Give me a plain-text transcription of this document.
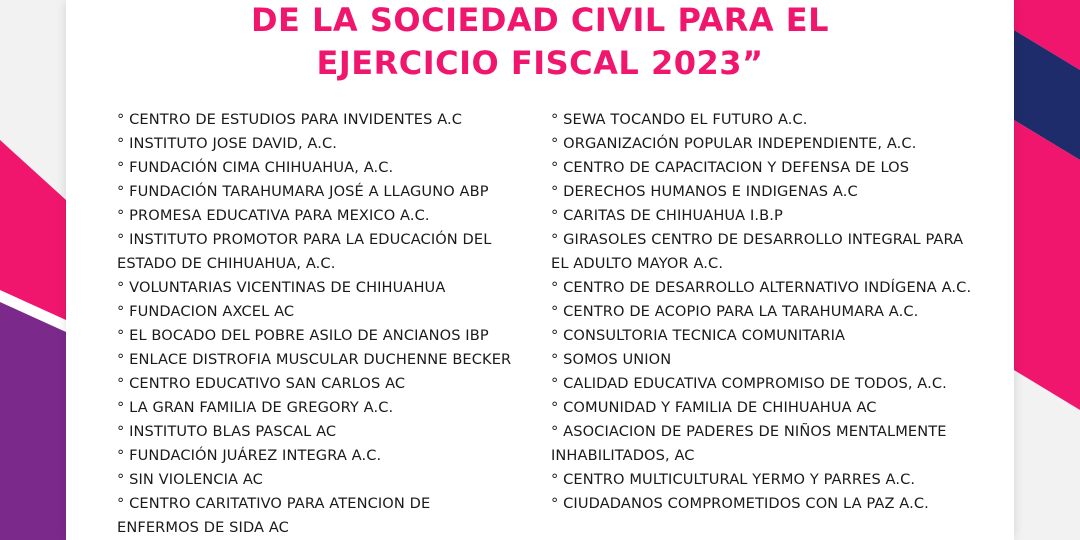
DE LA SOCIEDAD CIVIL PARA EL
EJERCICIO FISCAL 2023”
° CENTRO DE ESTUDIOS PARA INVIDENTES A.C
° INSTITUTO JOSE DAVID, A.C.
° FUNDACIÓN CIMA CHIHUAHUA, A.C.
° FUNDACIÓN TARAHUMARA JOSÉ A LLAGUNO ABP
° PROMESA EDUCATIVA PARA MEXICO A.C.
° INSTITUTO PROMOTOR PARA LA EDUCACIÓN DEL
ESTADO DE CHIHUAHUA, A.C.
° VOLUNTARIAS VICENTINAS DE CHIHUAHUA
° FUNDACION AXCEL AC
° EL BOCADO DEL POBRE ASILO DE ANCIANOS IBP
° ENLACE DISTROFIA MUSCULAR DUCHENNE BECKER
° CENTRO EDUCATIVO SAN CARLOS AC
° LA GRAN FAMILIA DE GREGORY A.C.
° INSTITUTO BLAS PASCAL AC
° FUNDACIÓN JUÁREZ INTEGRA A.C.
° SIN VIOLENCIA AC
° CENTRO CARITATIVO PARA ATENCION DE
ENFERMOS DE SIDA AC
° SEWA TOCANDO EL FUTURO A.C.
° ORGANIZACIÓN POPULAR INDEPENDIENTE, A.C.
° CENTRO DE CAPACITACION Y DEFENSA DE LOS
° DERECHOS HUMANOS E INDIGENAS A.C
° CARITAS DE CHIHUAHUA I.B.P
° GIRASOLES CENTRO DE DESARROLLO INTEGRAL PARA
EL ADULTO MAYOR A.C.
° CENTRO DE DESARROLLO ALTERNATIVO INDÍGENA A.C.
° CENTRO DE ACOPIO PARA LA TARAHUMARA A.C.
° CONSULTORIA TECNICA COMUNITARIA
° SOMOS UNION
° CALIDAD EDUCATIVA COMPROMISO DE TODOS, A.C.
° COMUNIDAD Y FAMILIA DE CHIHUAHUA AC
° ASOCIACION DE PADERES DE NIÑOS MENTALMENTE
INHABILITADOS, AC
° CENTRO MULTICULTURAL YERMO Y PARRES A.C.
° CIUDADANOS COMPROMETIDOS CON LA PAZ A.C.
